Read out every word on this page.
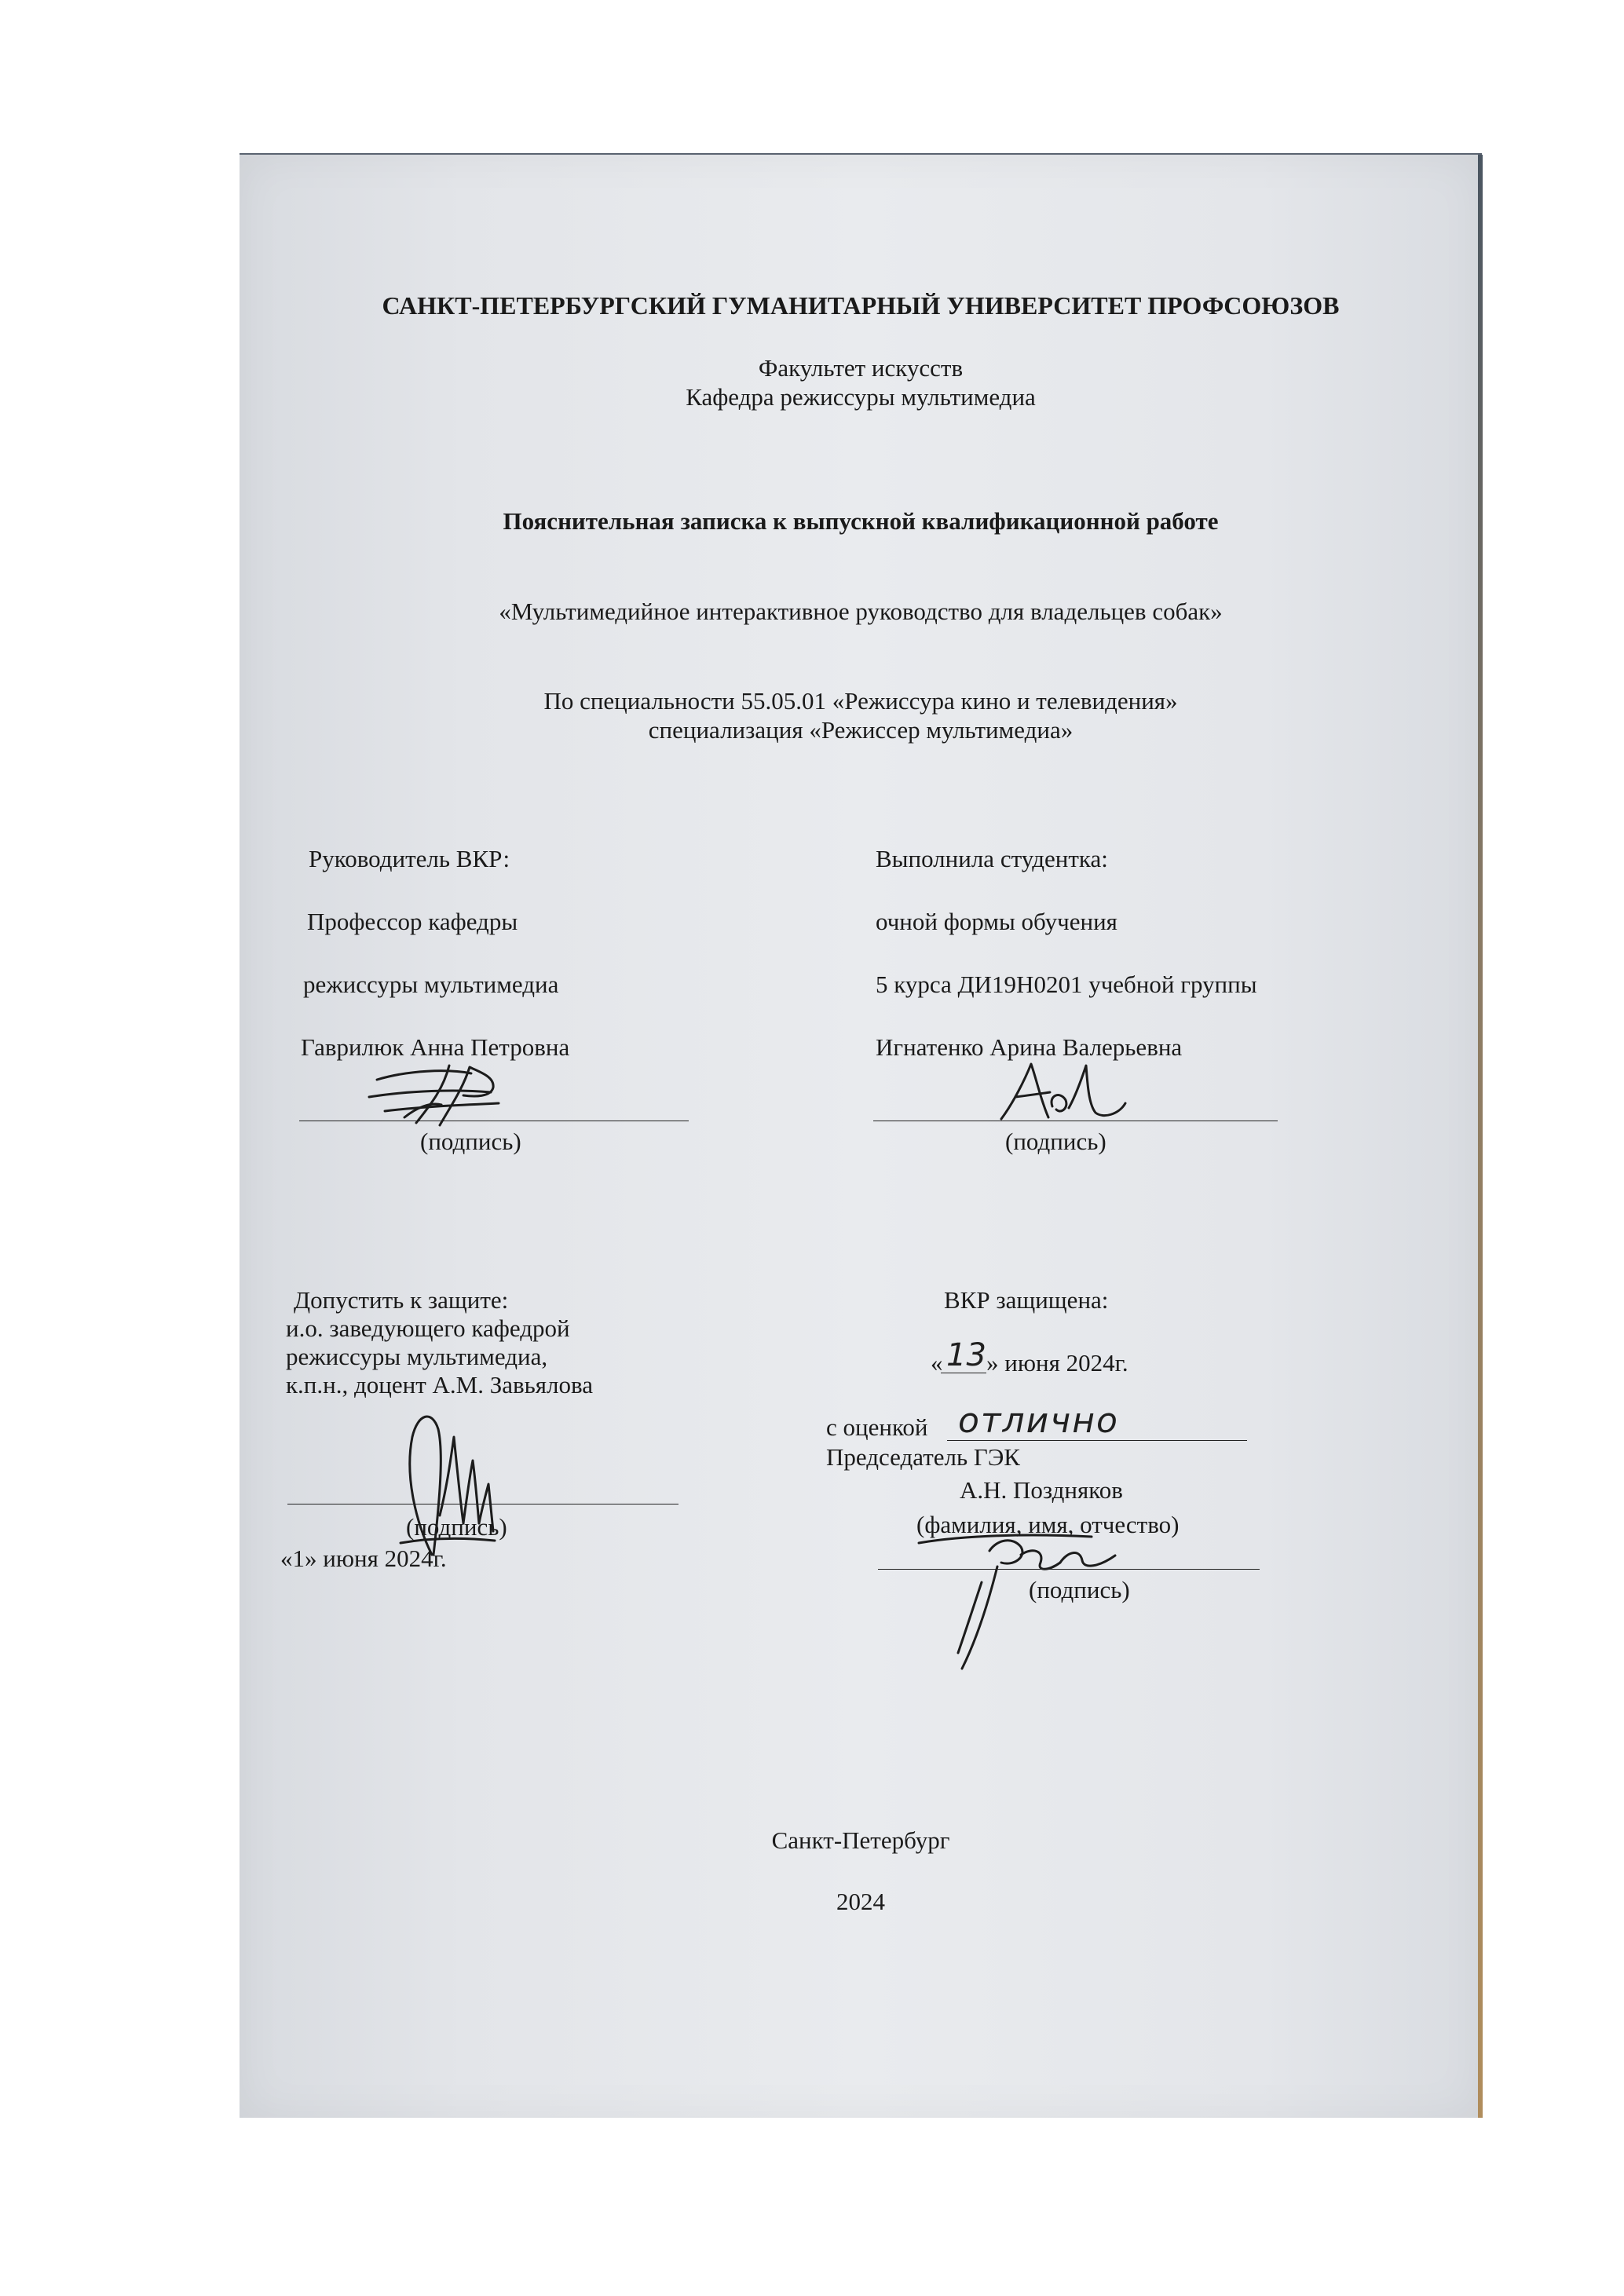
САНКТ-ПЕТЕРБУРГСКИЙ ГУМАНИТАРНЫЙ УНИВЕРСИТЕТ ПРОФСОЮЗОВ
Факультет искусств
Кафедра режиссуры мультимедиа
Пояснительная записка к выпускной квалификационной работе
«Мультимедийное интерактивное руководство для владельцев собак»
По специальности 55.05.01 «Режиссура кино и телевидения»
специализация «Режиссер мультимедиа»
Руководитель ВКР:
Профессор кафедры
режиссуры мультимедиа
Гаврилюк Анна Петровна
(подпись)
Выполнила студентка:
очной формы обучения
5 курса ДИ19Н0201 учебной группы
Игнатенко Арина Валерьевна
(подпись)
Допустить к защите:
и.о. заведующего кафедрой
режиссуры мультимедиа,
к.п.н., доцент А.М. Завьялова
(подпись)
«1» июня 2024г.
ВКР защищена:
« 13 » июня 2024г.
с оценкой отлично
Председатель ГЭК
А.Н. Поздняков
(фамилия, имя, отчество)
(подпись)
Санкт-Петербург
2024
